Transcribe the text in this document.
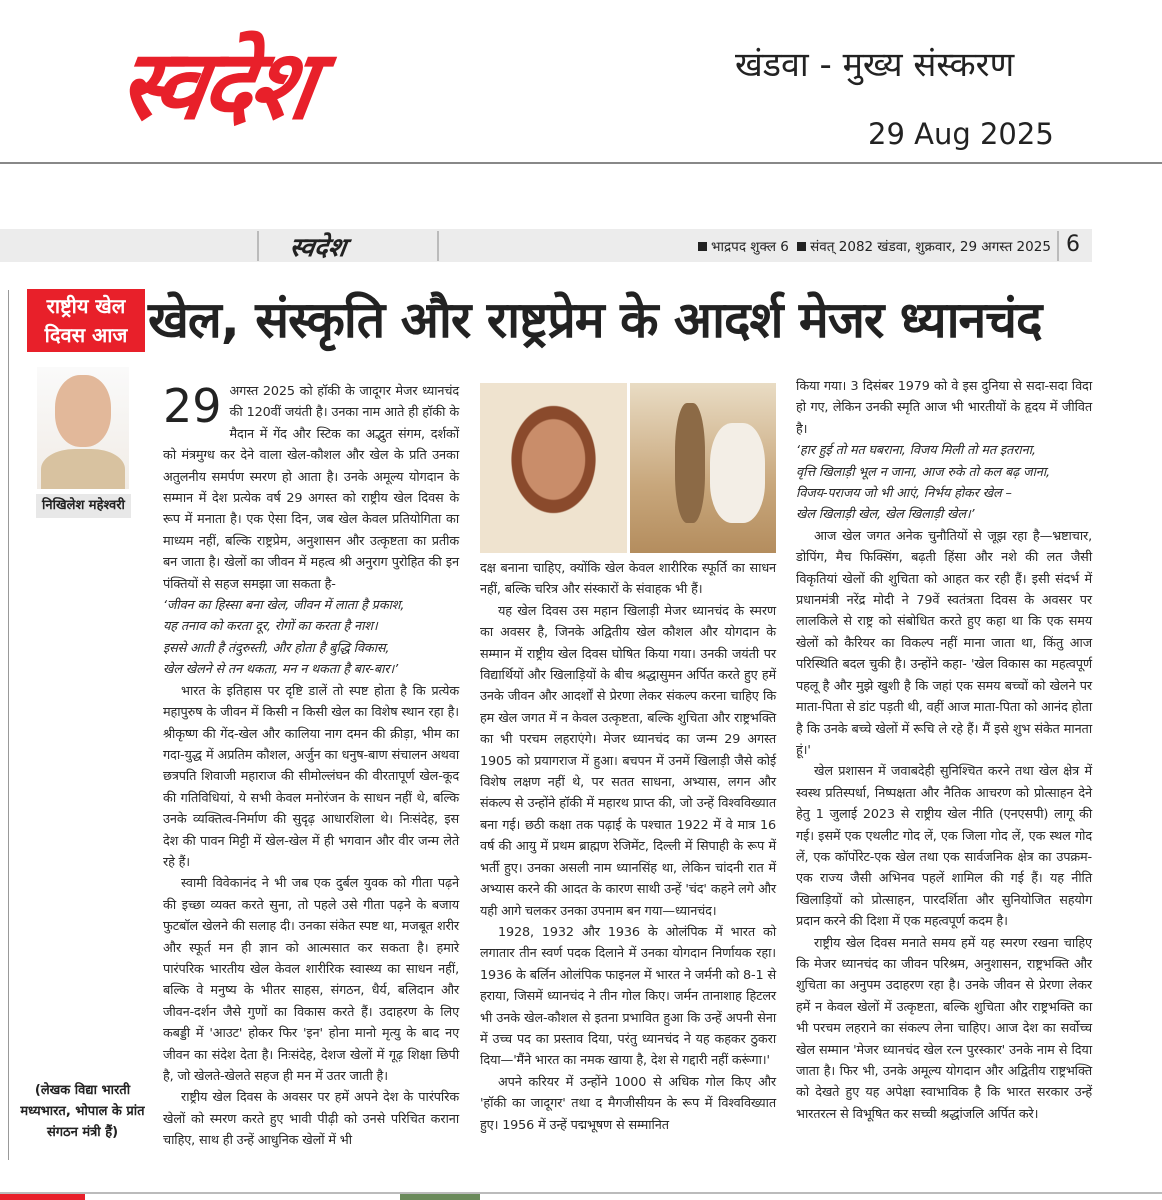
स्वदेश	खंडवा - मुख्य संस्करण
29 Aug 2025
स्वदेश	भाद्रपद शुक्ल 6 संवत् 2082 खंडवा, शुक्रवार, 29 अगस्त 2025 6
राष्ट्रीय खेल दिवस आज
निखिलेश महेश्वरी
(लेखक विद्या भारती मध्यभारत, भोपाल के प्रांत संगठन मंत्री हैं)
खेल, संस्कृति और राष्ट्रप्रेम के आदर्श मेजर ध्यानचंद
29 अगस्त 2025 को हॉकी के जादूगर मेजर ध्यानचंद की 120वीं जयंती है। उनका नाम आते ही हॉकी के मैदान में गेंद और स्टिक का अद्भुत संगम, दर्शकों को मंत्रमुग्ध कर देने वाला खेल-कौशल और खेल के प्रति उनका अतुलनीय समर्पण स्मरण हो आता है। उनके अमूल्य योगदान के सम्मान में देश प्रत्येक वर्ष 29 अगस्त को राष्ट्रीय खेल दिवस के रूप में मनाता है। एक ऐसा दिन, जब खेल केवल प्रतियोगिता का माध्यम नहीं, बल्कि राष्ट्रप्रेम, अनुशासन और उत्कृष्टता का प्रतीक बन जाता है। खेलों का जीवन में महत्व श्री अनुराग पुरोहित की इन पंक्तियों से सहज समझा जा सकता है-

‘जीवन का हिस्सा बना खेल, जीवन में लाता है प्रकाश,

यह तनाव को करता दूर, रोगों का करता है नाश।

इससे आती है तंदुरुस्ती, और होता है बुद्धि विकास,

खेल खेलने से तन थकता, मन न थकता है बार-बार।’

भारत के इतिहास पर दृष्टि डालें तो स्पष्ट होता है कि प्रत्येक महापुरुष के जीवन में किसी न किसी खेल का विशेष स्थान रहा है। श्रीकृष्ण की गेंद-खेल और कालिया नाग दमन की क्रीड़ा, भीम का गदा-युद्ध में अप्रतिम कौशल, अर्जुन का धनुष-बाण संचालन अथवा छत्रपति शिवाजी महाराज की सीमोल्लंघन की वीरतापूर्ण खेल-कूद की गतिविधियां, ये सभी केवल मनोरंजन के साधन नहीं थे, बल्कि उनके व्यक्तित्व-निर्माण की सुदृढ़ आधारशिला थे। निःसंदेह, इस देश की पावन मिट्टी में खेल-खेल में ही भगवान और वीर जन्म लेते रहे हैं।

स्वामी विवेकानंद ने भी जब एक दुर्बल युवक को गीता पढ़ने की इच्छा व्यक्त करते सुना, तो पहले उसे गीता पढ़ने के बजाय फुटबॉल खेलने की सलाह दी। उनका संकेत स्पष्ट था, मजबूत शरीर और स्फूर्त मन ही ज्ञान को आत्मसात कर सकता है। हमारे पारंपरिक भारतीय खेल केवल शारीरिक स्वास्थ्य का साधन नहीं, बल्कि वे मनुष्य के भीतर साहस, संगठन, धैर्य, बलिदान और जीवन-दर्शन जैसे गुणों का विकास करते हैं। उदाहरण के लिए कबड्डी में 'आउट' होकर फिर 'इन' होना मानो मृत्यु के बाद नए जीवन का संदेश देता है। निःसंदेह, देशज खेलों में गूढ़ शिक्षा छिपी है, जो खेलते-खेलते सहज ही मन में उतर जाती है।

राष्ट्रीय खेल दिवस के अवसर पर हमें अपने देश के पारंपरिक खेलों को स्मरण करते हुए भावी पीढ़ी को उनसे परिचित कराना चाहिए, साथ ही उन्हें आधुनिक खेलों में भी

दक्ष बनाना चाहिए, क्योंकि खेल केवल शारीरिक स्फूर्ति का साधन नहीं, बल्कि चरित्र और संस्कारों के संवाहक भी हैं।

यह खेल दिवस उस महान खिलाड़ी मेजर ध्यानचंद के स्मरण का अवसर है, जिनके अद्वितीय खेल कौशल और योगदान के सम्मान में राष्ट्रीय खेल दिवस घोषित किया गया। उनकी जयंती पर विद्यार्थियों और खिलाड़ियों के बीच श्रद्धासुमन अर्पित करते हुए हमें उनके जीवन और आदर्शों से प्रेरणा लेकर संकल्प करना चाहिए कि हम खेल जगत में न केवल उत्कृष्टता, बल्कि शुचिता और राष्ट्रभक्ति का भी परचम लहराएंगे। मेजर ध्यानचंद का जन्म 29 अगस्त 1905 को प्रयागराज में हुआ। बचपन में उनमें खिलाड़ी जैसे कोई विशेष लक्षण नहीं थे, पर सतत साधना, अभ्यास, लगन और संकल्प से उन्होंने हॉकी में महारथ प्राप्त की, जो उन्हें विश्वविख्यात बना गई। छठी कक्षा तक पढ़ाई के पश्चात 1922 में वे मात्र 16 वर्ष की आयु में प्रथम ब्राह्मण रेजिमेंट, दिल्ली में सिपाही के रूप में भर्ती हुए। उनका असली नाम ध्यानसिंह था, लेकिन चांदनी रात में अभ्यास करने की आदत के कारण साथी उन्हें 'चंद' कहने लगे और यही आगे चलकर उनका उपनाम बन गया—ध्यानचंद।

1928, 1932 और 1936 के ओलंपिक में भारत को लगातार तीन स्वर्ण पदक दिलाने में उनका योगदान निर्णायक रहा। 1936 के बर्लिन ओलंपिक फाइनल में भारत ने जर्मनी को 8-1 से हराया, जिसमें ध्यानचंद ने तीन गोल किए। जर्मन तानाशाह हिटलर भी उनके खेल-कौशल से इतना प्रभावित हुआ कि उन्हें अपनी सेना में उच्च पद का प्रस्ताव दिया, परंतु ध्यानचंद ने यह कहकर ठुकरा दिया—'मैंने भारत का नमक खाया है, देश से गद्दारी नहीं करूंगा।'

अपने करियर में उन्होंने 1000 से अधिक गोल किए और 'हॉकी का जादूगर' तथा द मैगजीसीयन के रूप में विश्वविख्यात हुए। 1956 में उन्हें पद्मभूषण से सम्मानित

किया गया। 3 दिसंबर 1979 को वे इस दुनिया से सदा-सदा विदा हो गए, लेकिन उनकी स्मृति आज भी भारतीयों के हृदय में जीवित है।

‘हार हुई तो मत घबराना, विजय मिली तो मत इतराना,

वृत्ति खिलाड़ी भूल न जाना, आज रुके तो कल बढ़ जाना,

विजय-पराजय जो भी आएं, निर्भय होकर खेल –

खेल खिलाड़ी खेल, खेल खिलाड़ी खेल।’

आज खेल जगत अनेक चुनौतियों से जूझ रहा है—भ्रष्टाचार, डोपिंग, मैच फिक्सिंग, बढ़ती हिंसा और नशे की लत जैसी विकृतियां खेलों की शुचिता को आहत कर रही हैं। इसी संदर्भ में प्रधानमंत्री नरेंद्र मोदी ने 79वें स्वतंत्रता दिवस के अवसर पर लालकिले से राष्ट्र को संबोधित करते हुए कहा था कि एक समय खेलों को कैरियर का विकल्प नहीं माना जाता था, किंतु आज परिस्थिति बदल चुकी है। उन्होंने कहा- 'खेल विकास का महत्वपूर्ण पहलू है और मुझे खुशी है कि जहां एक समय बच्चों को खेलने पर माता-पिता से डांट पड़ती थी, वहीं आज माता-पिता को आनंद होता है कि उनके बच्चे खेलों में रूचि ले रहे हैं। मैं इसे शुभ संकेत मानता हूं।'

खेल प्रशासन में जवाबदेही सुनिश्चित करने तथा खेल क्षेत्र में स्वस्थ प्रतिस्पर्धा, निष्पक्षता और नैतिक आचरण को प्रोत्साहन देने हेतु 1 जुलाई 2023 से राष्ट्रीय खेल नीति (एनएसपी) लागू की गई। इसमें एक एथलीट गोद लें, एक जिला गोद लें, एक स्थल गोद लें, एक कॉर्पोरेट-एक खेल तथा एक सार्वजनिक क्षेत्र का उपक्रम-एक राज्य जैसी अभिनव पहलें शामिल की गई हैं। यह नीति खिलाड़ियों को प्रोत्साहन, पारदर्शिता और सुनियोजित सहयोग प्रदान करने की दिशा में एक महत्वपूर्ण कदम है।

राष्ट्रीय खेल दिवस मनाते समय हमें यह स्मरण रखना चाहिए कि मेजर ध्यानचंद का जीवन परिश्रम, अनुशासन, राष्ट्रभक्ति और शुचिता का अनुपम उदाहरण रहा है। उनके जीवन से प्रेरणा लेकर हमें न केवल खेलों में उत्कृष्टता, बल्कि शुचिता और राष्ट्रभक्ति का भी परचम लहराने का संकल्प लेना चाहिए। आज देश का सर्वोच्च खेल सम्मान 'मेजर ध्यानचंद खेल रत्न पुरस्कार' उनके नाम से दिया जाता है। फिर भी, उनके अमूल्य योगदान और अद्वितीय राष्ट्रभक्ति को देखते हुए यह अपेक्षा स्वाभाविक है कि भारत सरकार उन्हें भारतरत्न से विभूषित कर सच्ची श्रद्धांजलि अर्पित करे।
